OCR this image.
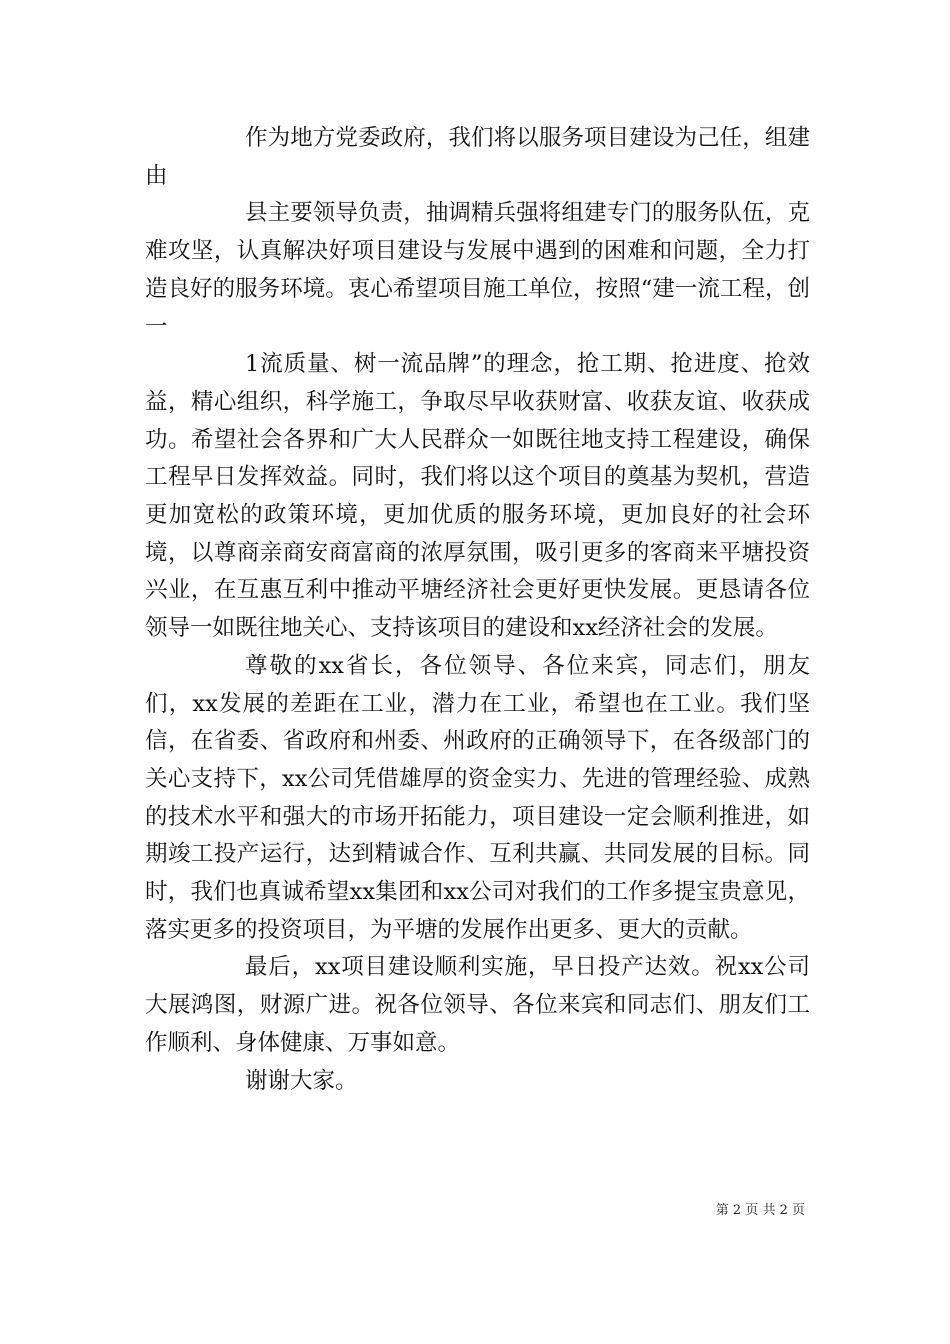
作为地方党委政府，我们将以服务项目建设为己任，组建由

县主要领导负责，抽调精兵强将组建专门的服务队伍，克难攻坚，认真解决好项目建设与发展中遇到的困难和问题，全力打造良好的服务环境。衷心希望项目施工单位，按照“建一流工程，创一

1流质量、树一流品牌”的理念，抢工期、抢进度、抢效益，精心组织，科学施工，争取尽早收获财富、收获友谊、收获成功。希望社会各界和广大人民群众一如既往地支持工程建设，确保工程早日发挥效益。同时，我们将以这个项目的奠基为契机，营造更加宽松的政策环境，更加优质的服务环境，更加良好的社会环境，以尊商亲商安商富商的浓厚氛围，吸引更多的客商来平塘投资兴业，在互惠互利中推动平塘经济社会更好更快发展。更恳请各位领导一如既往地关心、支持该项目的建设和xx经济社会的发展。

尊敬的xx省长，各位领导、各位来宾，同志们，朋友们，xx发展的差距在工业，潜力在工业，希望也在工业。我们坚信，在省委、省政府和州委、州政府的正确领导下，在各级部门的关心支持下，xx公司凭借雄厚的资金实力、先进的管理经验、成熟的技术水平和强大的市场开拓能力，项目建设一定会顺利推进，如期竣工投产运行，达到精诚合作、互利共赢、共同发展的目标。同时，我们也真诚希望xx集团和xx公司对我们的工作多提宝贵意见，落实更多的投资项目，为平塘的发展作出更多、更大的贡献。

最后，xx项目建设顺利实施，早日投产达效。祝xx公司大展鸿图，财源广进。祝各位领导、各位来宾和同志们、朋友们工作顺利、身体健康、万事如意。

谢谢大家。

第 2 页 共 2 页
